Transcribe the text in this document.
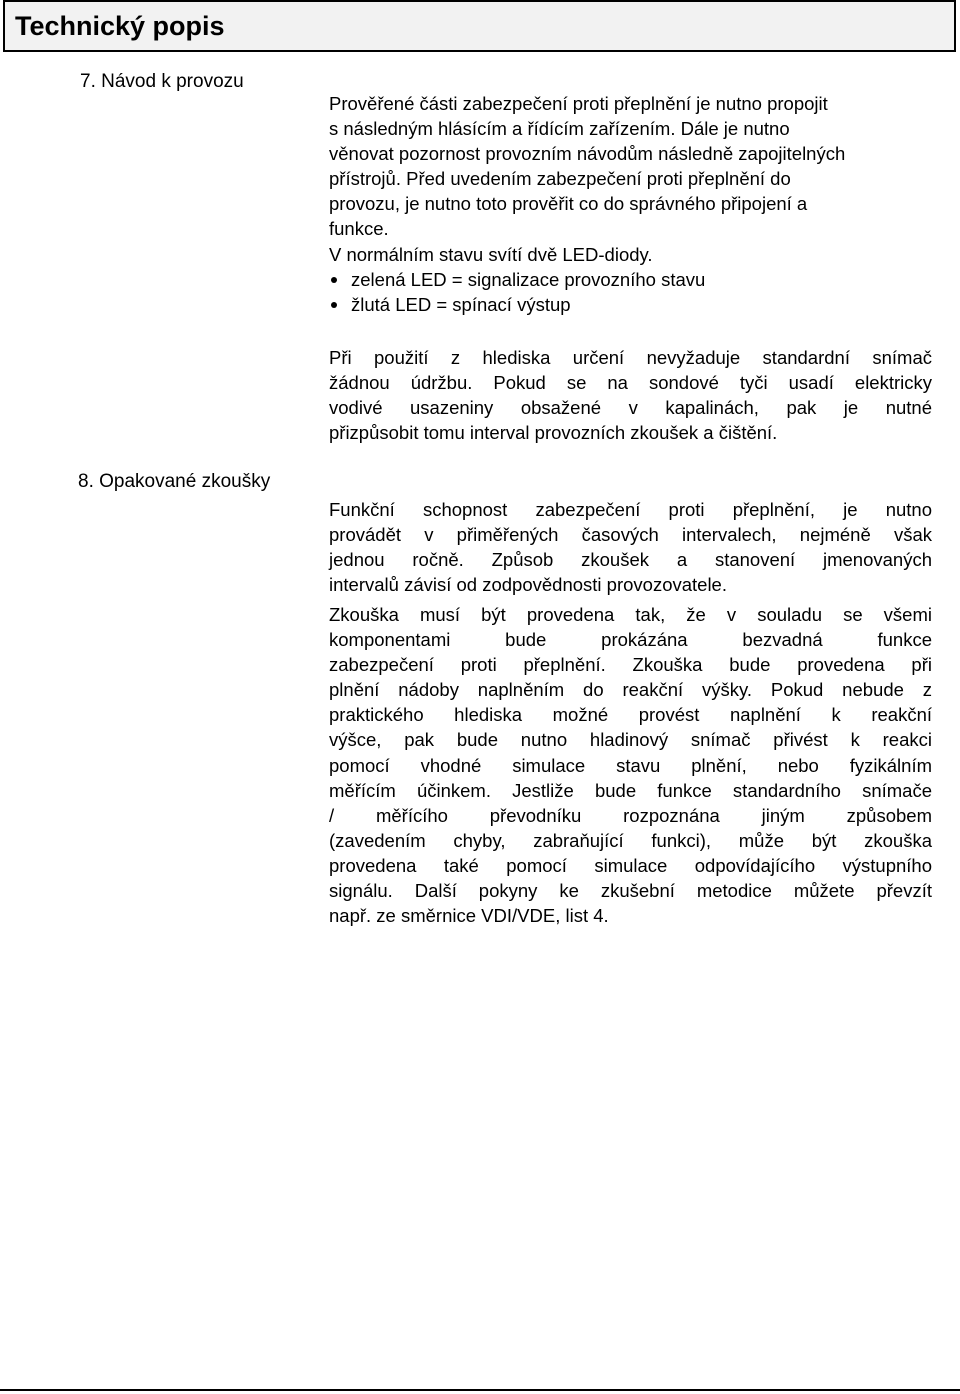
Technický popis
7. Návod k provozu
Prověřené části zabezpečení proti přeplnění je nutno propojit
s následným hlásícím a řídícím zařízením. Dále je nutno
věnovat pozornost provozním návodům následně zapojitelných
přístrojů. Před uvedením zabezpečení proti přeplnění do
provozu, je nutno toto prověřit co do správného připojení a
funkce.
V normálním stavu svítí dvě LED-diody.
zelená LED = signalizace provozního stavu
žlutá LED = spínací výstup
Při použití z hlediska určení nevyžaduje standardní snímač
žádnou údržbu. Pokud se na sondové tyči usadí elektricky
vodivé usazeniny obsažené v kapalinách, pak je nutné
přizpůsobit tomu interval provozních zkoušek a čištění.
8. Opakované zkoušky
Funkční schopnost zabezpečení proti přeplnění, je nutno
provádět v přiměřených časových intervalech, nejméně však
jednou ročně. Způsob zkoušek a stanovení jmenovaných
intervalů závisí od zodpovědnosti provozovatele.
Zkouška musí být provedena tak, že v souladu se všemi
komponentami bude prokázána bezvadná funkce
zabezpečení proti přeplnění. Zkouška bude provedena při
plnění nádoby naplněním do reakční výšky. Pokud nebude z
praktického hlediska možné provést naplnění k reakční
výšce, pak bude nutno hladinový snímač přivést k reakci
pomocí vhodné simulace stavu plnění, nebo fyzikálním
měřícím účinkem. Jestliže bude funkce standardního snímače
/ měřícího převodníku rozpoznána jiným způsobem
(zavedením chyby, zabraňující funkci), může být zkouška
provedena také pomocí simulace odpovídajícího výstupního
signálu. Další pokyny ke zkušební metodice můžete převzít
např. ze směrnice VDI/VDE, list 4.
